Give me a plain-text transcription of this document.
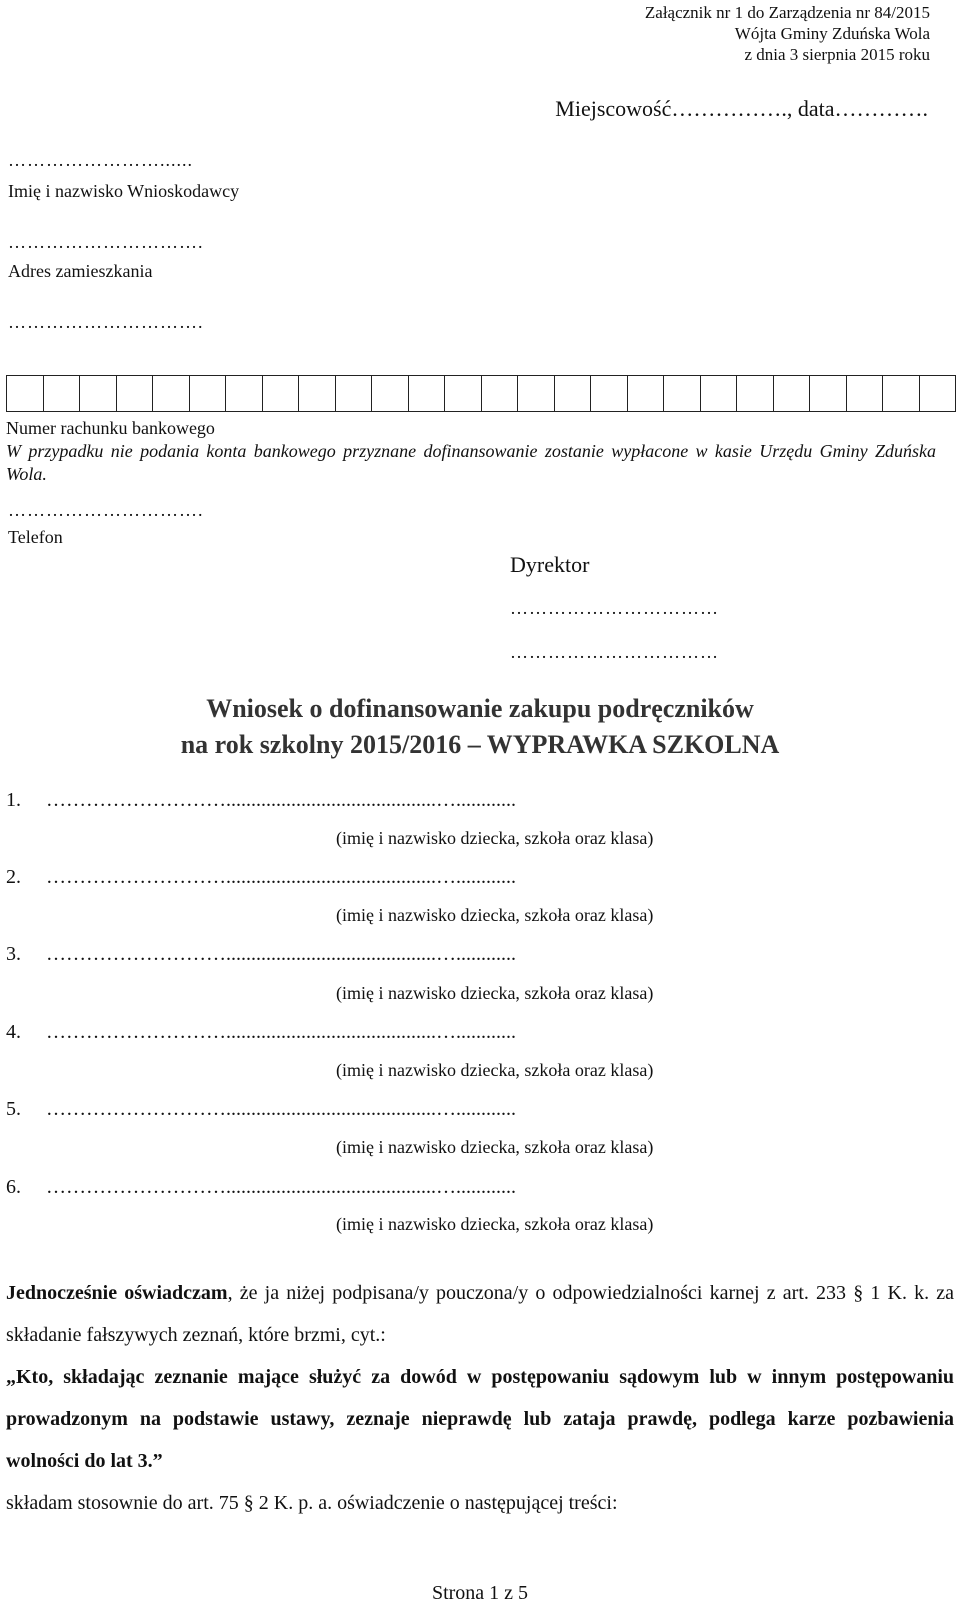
Załącznik nr 1 do Zarządzenia nr 84/2015
Wójta Gminy Zduńska Wola
z dnia 3 sierpnia 2015 roku
Miejscowość……………., data………….
……………………......
Imię i nazwisko Wnioskodawcy
………………………….
Adres zamieszkania
………………………….
Numer rachunku bankowego
W przypadku nie podania konta bankowego przyznane dofinansowanie zostanie wypłacone w kasie Urzędu Gminy Zduńska Wola.
………………………….
Telefon
Dyrektor
……………………………
……………………………
Wniosek o dofinansowanie zakupu podręczników
na rok szkolny 2015/2016 – WYPRAWKA SZKOLNA
1. ………………………..........................................…............
(imię i nazwisko dziecka, szkoła oraz klasa)
2. ………………………..........................................…............
(imię i nazwisko dziecka, szkoła oraz klasa)
3. ………………………..........................................…............
(imię i nazwisko dziecka, szkoła oraz klasa)
4. ………………………..........................................…............
(imię i nazwisko dziecka, szkoła oraz klasa)
5. ………………………..........................................…............
(imię i nazwisko dziecka, szkoła oraz klasa)
6. ………………………..........................................…............
(imię i nazwisko dziecka, szkoła oraz klasa)
Jednocześnie oświadczam, że ja niżej podpisana/y pouczona/y o odpowiedzialności karnej z art. 233 § 1 K. k. za składanie fałszywych zeznań, które brzmi, cyt.:
„Kto, składając zeznanie mające służyć za dowód w postępowaniu sądowym lub w innym postępowaniu prowadzonym na podstawie ustawy, zeznaje nieprawdę lub zataja prawdę, podlega karze pozbawienia wolności do lat 3.”
składam stosownie do art. 75 § 2 K. p. a. oświadczenie o następującej treści:
Strona 1 z 5
